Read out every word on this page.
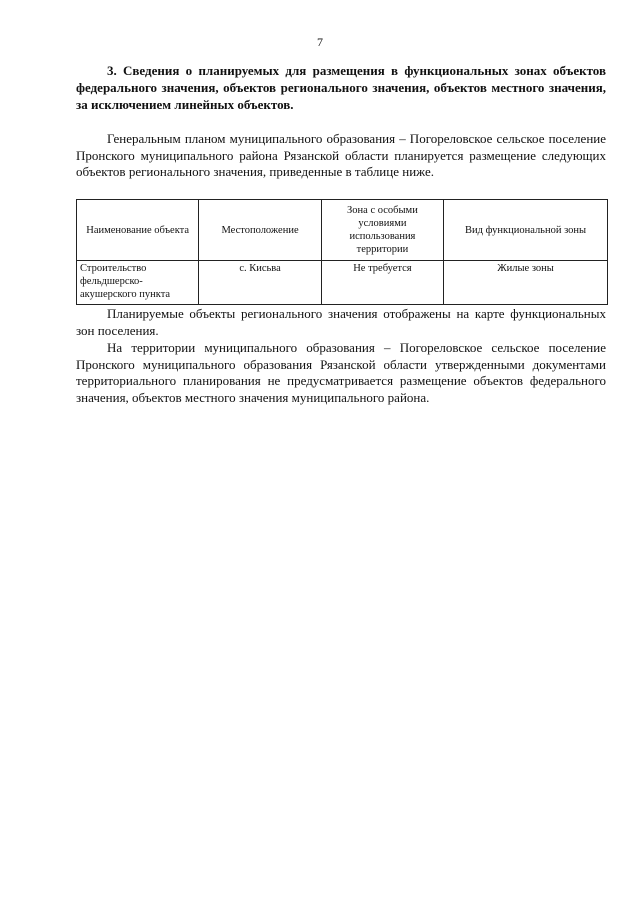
7

3. Сведения о планируемых для размещения в функциональных зонах объектов федерального значения, объектов регионального значения, объектов местного значения, за исключением линейных объектов.

Генеральным планом муниципального образования – Погореловское сельское поселение Пронского муниципального района Рязанской области планируется размещение следующих объектов регионального значения, приведенные в таблице ниже.

Наименование объекта	Местоположение	Зона с особыми условиями использования территории	Вид функциональной зоны
Строительство фельдшерско-акушерского пункта	с. Кисьва	Не требуется	Жилые зоны

Планируемые объекты регионального значения отображены на карте функциональных зон поселения.

На территории муниципального образования – Погореловское сельское поселение Пронского муниципального образования Рязанской области утвержденными документами территориального планирования не предусматривается размещение объектов федерального значения, объектов местного значения муниципального района.
